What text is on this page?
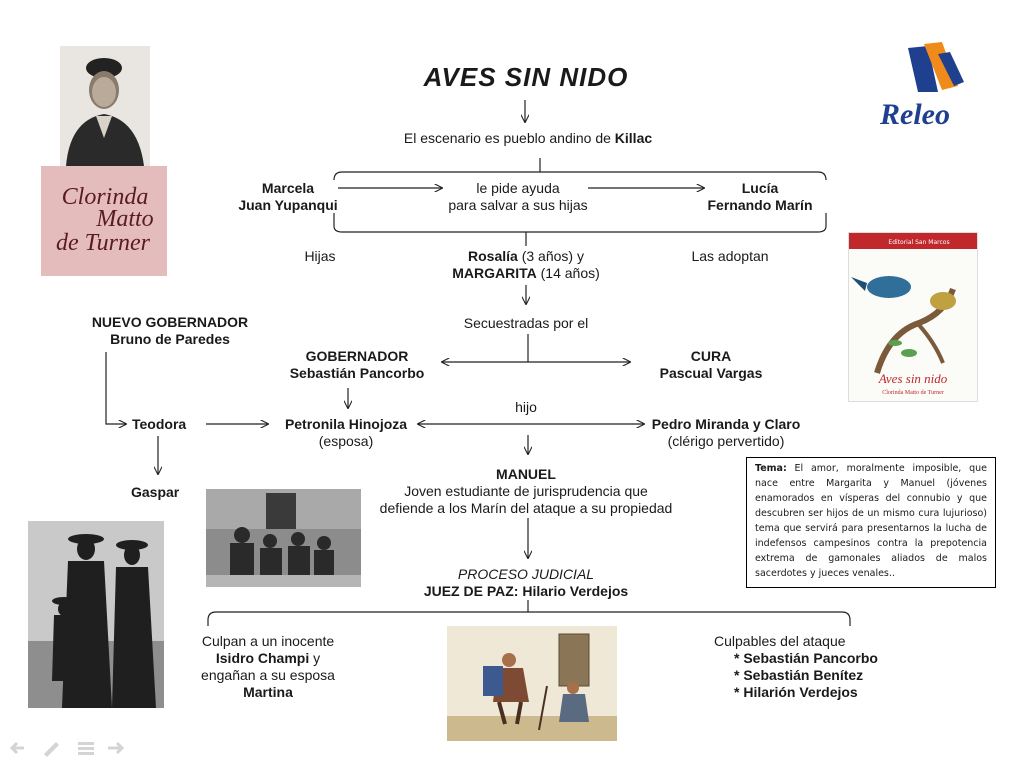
AVES SIN NIDO
El escenario es pueblo andino de Killac
Marcela
Juan Yupanqui
le pide ayuda
para salvar a sus hijas
Lucía
Fernando Marín
Hijas	Las adoptan
Rosalía (3 años) y
MARGARITA (14 años)
Secuestradas por el
NUEVO GOBERNADOR
Bruno de Paredes
GOBERNADOR
Sebastián Pancorbo
CURA
Pascual Vargas
Teodora
Gaspar
Petronila Hinojoza
(esposa)
hijo
Pedro Miranda y Claro
(clérigo pervertido)
MANUEL
Joven estudiante de jurisprudencia que
defiende a los Marín del ataque a su propiedad
PROCESO JUDICIAL
JUEZ DE PAZ: Hilario Verdejos
Culpan a un inocente
Isidro Champi y
engañan a su esposa
Martina
Culpables del ataque
* Sebastián Pancorbo
* Sebastián Benítez
* Hilarión Verdejos
Tema: El amor, moralmente imposible, que nace entre Margarita y Manuel (jóvenes enamorados en vísperas del connubio y que descubren ser hijos de un mismo cura lujurioso) tema que servirá para presentarnos la lucha de indefensos campesinos contra la prepotencia extrema de gamonales aliados de malos sacerdotes y jueces venales..
Clorinda
Matto
de Turner
Releo
Editorial San Marcos
Aves sin nido
Clorinda Matto de Turner
